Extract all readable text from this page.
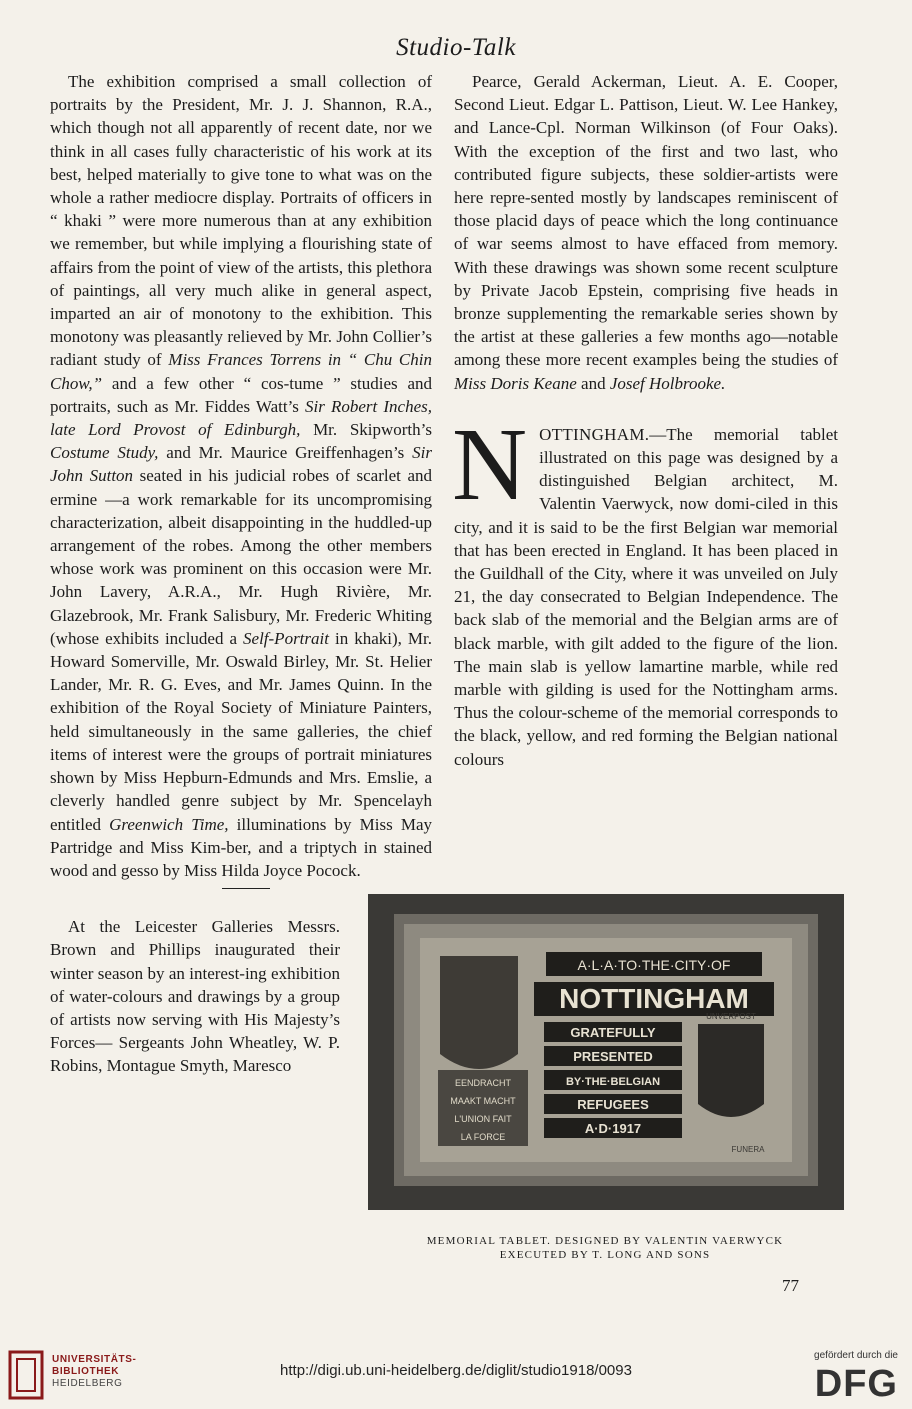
Studio-Talk

The exhibition comprised a small collection of portraits by the President, Mr. J. J. Shannon, R.A., which though not all apparently of recent date, nor we think in all cases fully characteristic of his work at its best, helped materially to give tone to what was on the whole a rather mediocre display. Portraits of officers in “ khaki ” were more numerous than at any exhibition we remember, but while implying a flourishing state of affairs from the point of view of the artists, this plethora of paintings, all very much alike in general aspect, imparted an air of monotony to the exhibition. This monotony was pleasantly relieved by Mr. John Collier’s radiant study of Miss Frances Torrens in “ Chu Chin Chow,” and a few other “ cos-tume ” studies and portraits, such as Mr. Fiddes Watt’s Sir Robert Inches, late Lord Provost of Edinburgh, Mr. Skipworth’s Costume Study, and Mr. Maurice Greiffenhagen’s Sir John Sutton seated in his judicial robes of scarlet and ermine —a work remarkable for its uncompromising characterization, albeit disappointing in the huddled-up arrangement of the robes. Among the other members whose work was prominent on this occasion were Mr. John Lavery, A.R.A., Mr. Hugh Rivière, Mr. Glazebrook, Mr. Frank Salisbury, Mr. Frederic Whiting (whose exhibits included a Self-Portrait in khaki), Mr. Howard Somerville, Mr. Oswald Birley, Mr. St. Helier Lander, Mr. R. G. Eves, and Mr. James Quinn. In the exhibition of the Royal Society of Miniature Painters, held simultaneously in the same galleries, the chief items of interest were the groups of portrait miniatures shown by Miss Hepburn-Edmunds and Mrs. Emslie, a cleverly handled genre subject by Mr. Spencelayh entitled Greenwich Time, illuminations by Miss May Partridge and Miss Kim-ber, and a triptych in stained wood and gesso by Miss Hilda Joyce Pocock.

At the Leicester Galleries Messrs. Brown and Phillips inaugurated their winter season by an interest-ing exhibition of water-colours and drawings by a group of artists now serving with His Majesty’s Forces— Sergeants John Wheatley, W. P. Robins, Montague Smyth, Maresco

Pearce, Gerald Ackerman, Lieut. A. E. Cooper, Second Lieut. Edgar L. Pattison, Lieut. W. Lee Hankey, and Lance-Cpl. Norman Wilkinson (of Four Oaks). With the exception of the first and two last, who contributed figure subjects, these soldier-artists were here repre-sented mostly by landscapes reminiscent of those placid days of peace which the long continuance of war seems almost to have effaced from memory. With these drawings was shown some recent sculpture by Private Jacob Epstein, comprising five heads in bronze supplementing the remarkable series shown by the artist at these galleries a few months ago—notable among these more recent examples being the studies of Miss Doris Keane and Josef Holbrooke.

NOTTINGHAM.—The memorial tablet illustrated on this page was designed by a distinguished Belgian architect, M. Valentin Vaerwyck, now domi-ciled in this city, and it is said to be the first Belgian war memorial that has been erected in England. It has been placed in the Guildhall of the City, where it was unveiled on July 21, the day consecrated to Belgian Independence. The back slab of the memorial and the Belgian arms are of black marble, with gilt added to the figure of the lion. The main slab is yellow lamartine marble, while red marble with gilding is used for the Nottingham arms. Thus the colour-scheme of the memorial corresponds to the black, yellow, and red forming the Belgian national colours

A·L·A·TO·THE·CITY·OF
NOTTINGHAM
GRATEFULLY
PRESENTED
BY·THE·BELGIAN
REFUGEES
A·D·1917
EENDRACHT
MAAKT MACHT
L'UNION FAIT
LA FORCE
UNVERPOST
FUNERA
MEMORIAL TABLET. DESIGNED BY VALENTIN VAERWYCK
EXECUTED BY T. LONG AND SONS
77
UNIVERSITÄTS-
BIBLIOTHEK
HEIDELBERG
http://digi.ub.uni-heidelberg.de/diglit/studio1918/0093
gefördert durch die
DFG
